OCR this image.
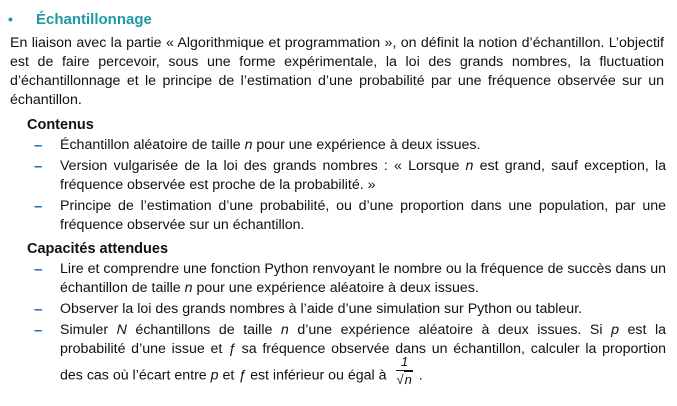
•	Échantillonnage

En liaison avec la partie « Algorithmique et programmation », on définit la notion d’échantillon. L’objectif est de faire percevoir, sous une forme expérimentale, la loi des grands nombres, la fluctuation d’échantillonnage et le principe de l’estimation d’une probabilité par une fréquence observée sur un échantillon.

Contenus
– Échantillon aléatoire de taille n pour une expérience à deux issues.
– Version vulgarisée de la loi des grands nombres : « Lorsque n est grand, sauf exception, la fréquence observée est proche de la probabilité. »
– Principe de l’estimation d’une probabilité, ou d’une proportion dans une population, par une fréquence observée sur un échantillon.
Capacités attendues
– Lire et comprendre une fonction Python renvoyant le nombre ou la fréquence de succès dans un échantillon de taille n pour une expérience aléatoire à deux issues.
– Observer la loi des grands nombres à l’aide d’une simulation sur Python ou tableur.
– Simuler N échantillons de taille n d’une expérience aléatoire à deux issues. Si p est la probabilité d’une issue et ƒ sa fréquence observée dans un échantillon, calculer la proportion des cas où l’écart entre p et ƒ est inférieur ou égal à $\frac{1}{√n}$ .
